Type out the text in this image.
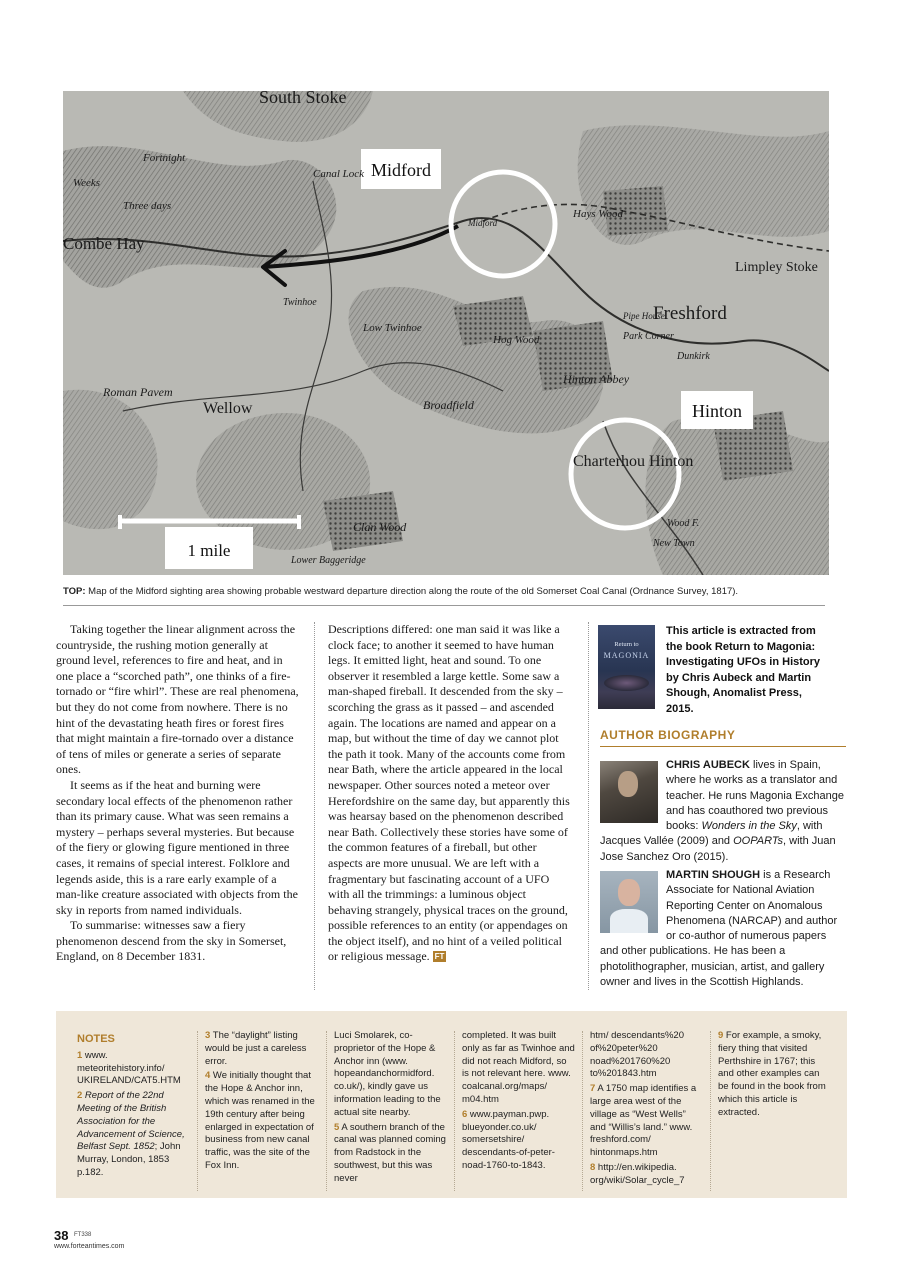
Midford
Hinton
1 mile
South Stoke
Combe Hay
Freshford
Wellow
Charterhou Hinton
Hinton Abbey
Hays Wood
Limpley Stoke
Twinhoe
Low Twinhoe
Clan Wood
Roman Pavem
Broadfield
Hog Wood	Park Corner
Pipe House
New Town
Canal Lock
Fortnight
Wood F.
Dunkirk
Lower Baggeridge
Three days
Weeks
Midford
TOP: Map of the Midford sighting area showing probable westward departure direction along the route of the old Somerset Coal Canal (Ordnance Survey, 1817).

Taking together the linear alignment across the countryside, the rushing motion generally at ground level, references to fire and heat, and in one place a “scorched path”, one thinks of a fire-tornado or “fire whirl”. These are real phenomena, but they do not come from nowhere. There is no hint of the devastating heath fires or forest fires that might maintain a fire-tornado over a distance of tens of miles or generate a series of separate ones.

It seems as if the heat and burning were secondary local effects of the phenomenon rather than its primary cause. What was seen remains a mystery – perhaps several mysteries. But because of the fiery or glowing figure mentioned in three cases, it remains of special interest. Folklore and legends aside, this is a rare early example of a man-like creature associated with objects from the sky in reports from named individuals.

To summarise: witnesses saw a fiery phenomenon descend from the sky in Somerset, England, on 8 December 1831.

Descriptions differed: one man said it was like a clock face; to another it seemed to have human legs. It emitted light, heat and sound. To one observer it resembled a large kettle. Some saw a man-shaped fireball. It descended from the sky – scorching the grass as it passed – and ascended again. The locations are named and appear on a map, but without the time of day we cannot plot the path it took. Many of the accounts come from near Bath, where the article appeared in the local newspaper. Other sources noted a meteor over Herefordshire on the same day, but apparently this was hearsay based on the phenomenon described near Bath. Collectively these stories have some of the common features of a fireball, but other aspects are more unusual. We are left with a fragmentary but fascinating account of a UFO with all the trimmings: a luminous object behaving strangely, physical traces on the ground, possible references to an entity (or appendages on the object itself), and no hint of a veiled political or religious message. FT

Return to
MAGONIA
This article is extracted from the book Return to Magonia: Investigating UFOs in History by Chris Aubeck and Martin Shough, Anomalist Press, 2015.
AUTHOR BIOGRAPHY
CHRIS AUBECK lives in Spain, where he works as a translator and teacher. He runs Magonia Exchange and has coauthored two previous books: Wonders in the Sky, with Jacques Vallée (2009) and OOPARTs, with Juan Jose Sanchez Oro (2015).
MARTIN SHOUGH is a Research Associate for National Aviation Reporting Center on Anomalous Phenomena (NARCAP) and author or co-author of numerous papers and other publications. He has been a photolithographer, musician, artist, and gallery owner and lives in the Scottish Highlands.
NOTES
1 www. meteoritehistory.info/ UKIRELAND/CAT5.HTM
2 Report of the 22nd Meeting of the British Association for the Advancement of Science, Belfast Sept. 1852; John Murray, London, 1853 p.182.
3 The “daylight” listing would be just a careless error.
4 We initially thought that the Hope & Anchor inn, which was renamed in the 19th century after being enlarged in expectation of business from new canal traffic, was the site of the Fox Inn.
Luci Smolarek, co-proprietor of the Hope & Anchor inn (www. hopeandanchormidford. co.uk/), kindly gave us information leading to the actual site nearby.
5 A southern branch of the canal was planned coming from Radstock in the southwest, but this was never
completed. It was built only as far as Twinhoe and did not reach Midford, so is not relevant here. www. coalcanal.org/maps/ m04.htm
6 www.payman.pwp. blueyonder.co.uk/ somersetshire/ descendants-of-peter-noad-1760-to-1843.
htm/ descendants%20 of%20peter%20 noad%201760%20 to%201843.htm
7 A 1750 map identifies a large area west of the village as “West Wells” and “Willis’s land.” www. freshford.com/ hintonmaps.htm
8 http://en.wikipedia. org/wiki/Solar_cycle_7
9 For example, a smoky, fiery thing that visited Perthshire in 1767; this and other examples can be found in the book from which this article is extracted.
38 FT338
www.forteantimes.com
